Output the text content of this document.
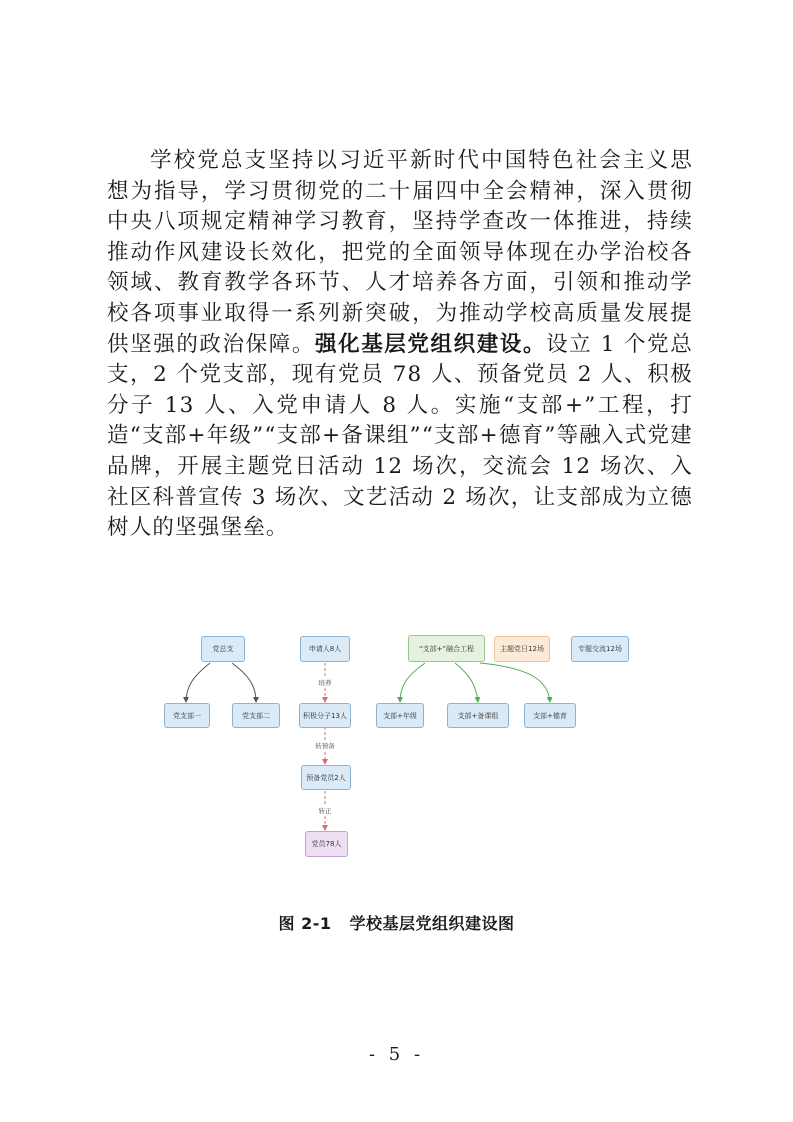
学校党总支坚持以习近平新时代中国特色社会主义思想为指导，学习贯彻党的二十届四中全会精神，深入贯彻中央八项规定精神学习教育，坚持学查改一体推进，持续推动作风建设长效化，把党的全面领导体现在办学治校各领域、教育教学各环节、人才培养各方面，引领和推动学校各项事业取得一系列新突破，为推动学校高质量发展提供坚强的政治保障。强化基层党组织建设。设立 1 个党总支，2 个党支部，现有党员 78 人、预备党员 2 人、积极分子 13 人、入党申请人 8 人。实施“支部+”工程，打造“支部+年级”“支部+备课组”“支部+德育”等融入式党建品牌，开展主题党日活动 12 场次，交流会 12 场次、入社区科普宣传 3 场次、文艺活动 2 场次，让支部成为立德树人的坚强堡垒。

党总支
党支部一	党支部二
申请人8人
积极分子13人
预备党员2人
党员78人
培养
转预备
转正
“支部+”融合工程	主题党日12场	专题交流12场
支部+年级	支部+备课组	支部+德育
图 2-1 学校基层党组织建设图
- 5 -
